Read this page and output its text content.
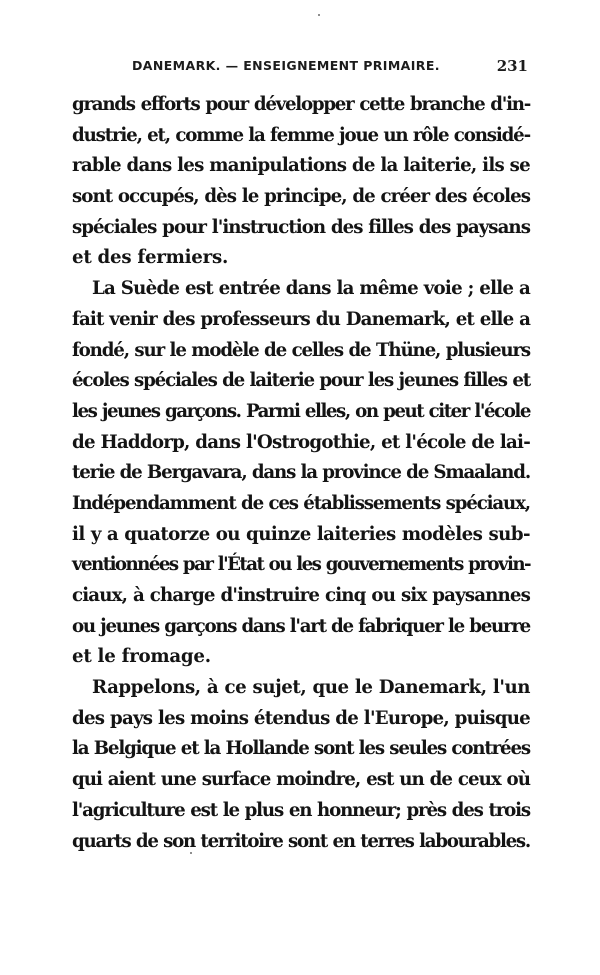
DANEMARK. — ENSEIGNEMENT PRIMAIRE.	231
grands efforts pour développer cette branche d'in-
dustrie, et, comme la femme joue un rôle considé-
rable dans les manipulations de la laiterie, ils se
sont occupés, dès le principe, de créer des écoles
spéciales pour l'instruction des filles des paysans
et des fermiers.
La Suède est entrée dans la même voie ; elle a
fait venir des professeurs du Danemark, et elle a
fondé, sur le modèle de celles de Thüne, plusieurs
écoles spéciales de laiterie pour les jeunes filles et
les jeunes garçons. Parmi elles, on peut citer l'école
de Haddorp, dans l'Ostrogothie, et l'école de lai-
terie de Bergavara, dans la province de Smaaland.
Indépendamment de ces établissements spéciaux,
il y a quatorze ou quinze laiteries modèles sub-
ventionnées par l'État ou les gouvernements provin-
ciaux, à charge d'instruire cinq ou six paysannes
ou jeunes garçons dans l'art de fabriquer le beurre
et le fromage.
Rappelons, à ce sujet, que le Danemark, l'un
des pays les moins étendus de l'Europe, puisque
la Belgique et la Hollande sont les seules contrées
qui aient une surface moindre, est un de ceux où
l'agriculture est le plus en honneur; près des trois
quarts de son territoire sont en terres labourables.
